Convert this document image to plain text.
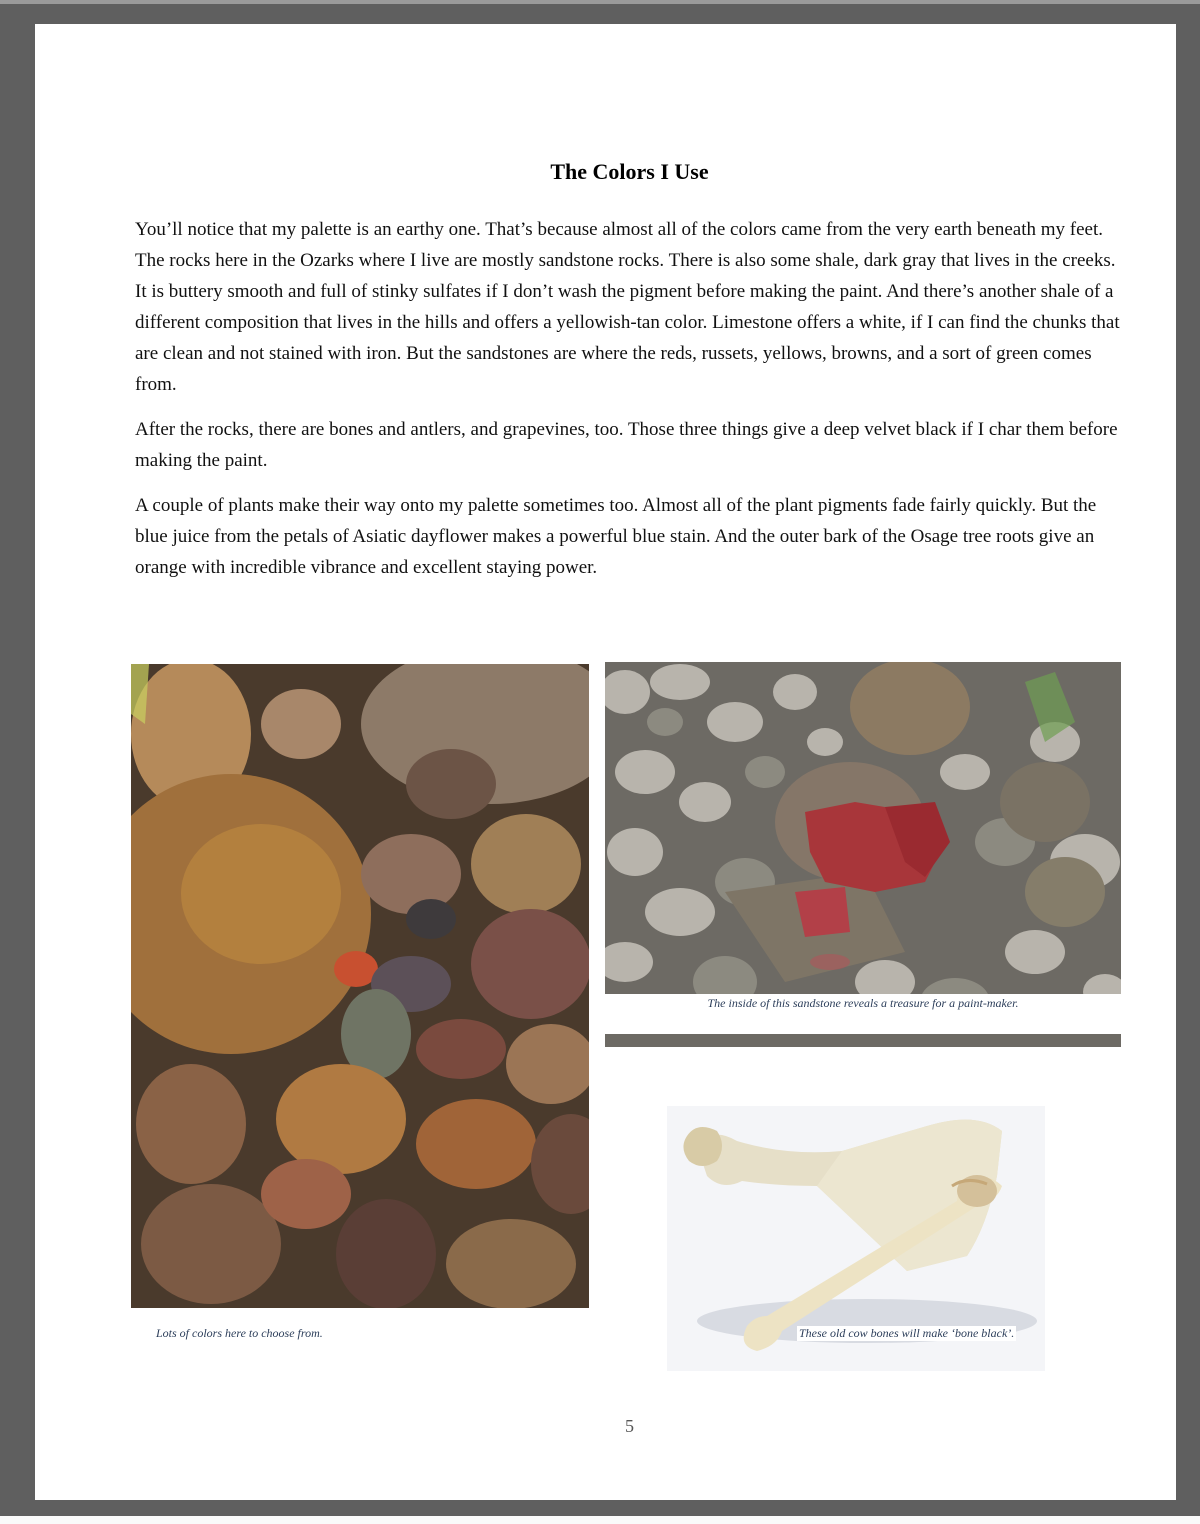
The Colors I Use

You’ll notice that my palette is an earthy one. That’s because almost all of the colors came from the very earth beneath my feet. The rocks here in the Ozarks where I live are mostly sandstone rocks. There is also some shale, dark gray that lives in the creeks. It is buttery smooth and full of stinky sulfates if I don’t wash the pigment before making the paint. And there’s another shale of a different composition that lives in the hills and offers a yellowish-tan color. Limestone offers a white, if I can find the chunks that are clean and not stained with iron. But the sandstones are where the reds, russets, yellows, browns, and a sort of green comes from.

After the rocks, there are bones and antlers, and grapevines, too. Those three things give a deep velvet black if I char them before making the paint.

A couple of plants make their way onto my palette sometimes too. Almost all of the plant pigments fade fairly quickly. But the blue juice from the petals of Asiatic dayflower makes a powerful blue stain. And the outer bark of the Osage tree roots give an orange with incredible vibrance and excellent staying power.

Lots of colors here to choose from.
The inside of this sandstone reveals a treasure for a paint-maker.
These old cow bones will make ‘bone black’.
5
